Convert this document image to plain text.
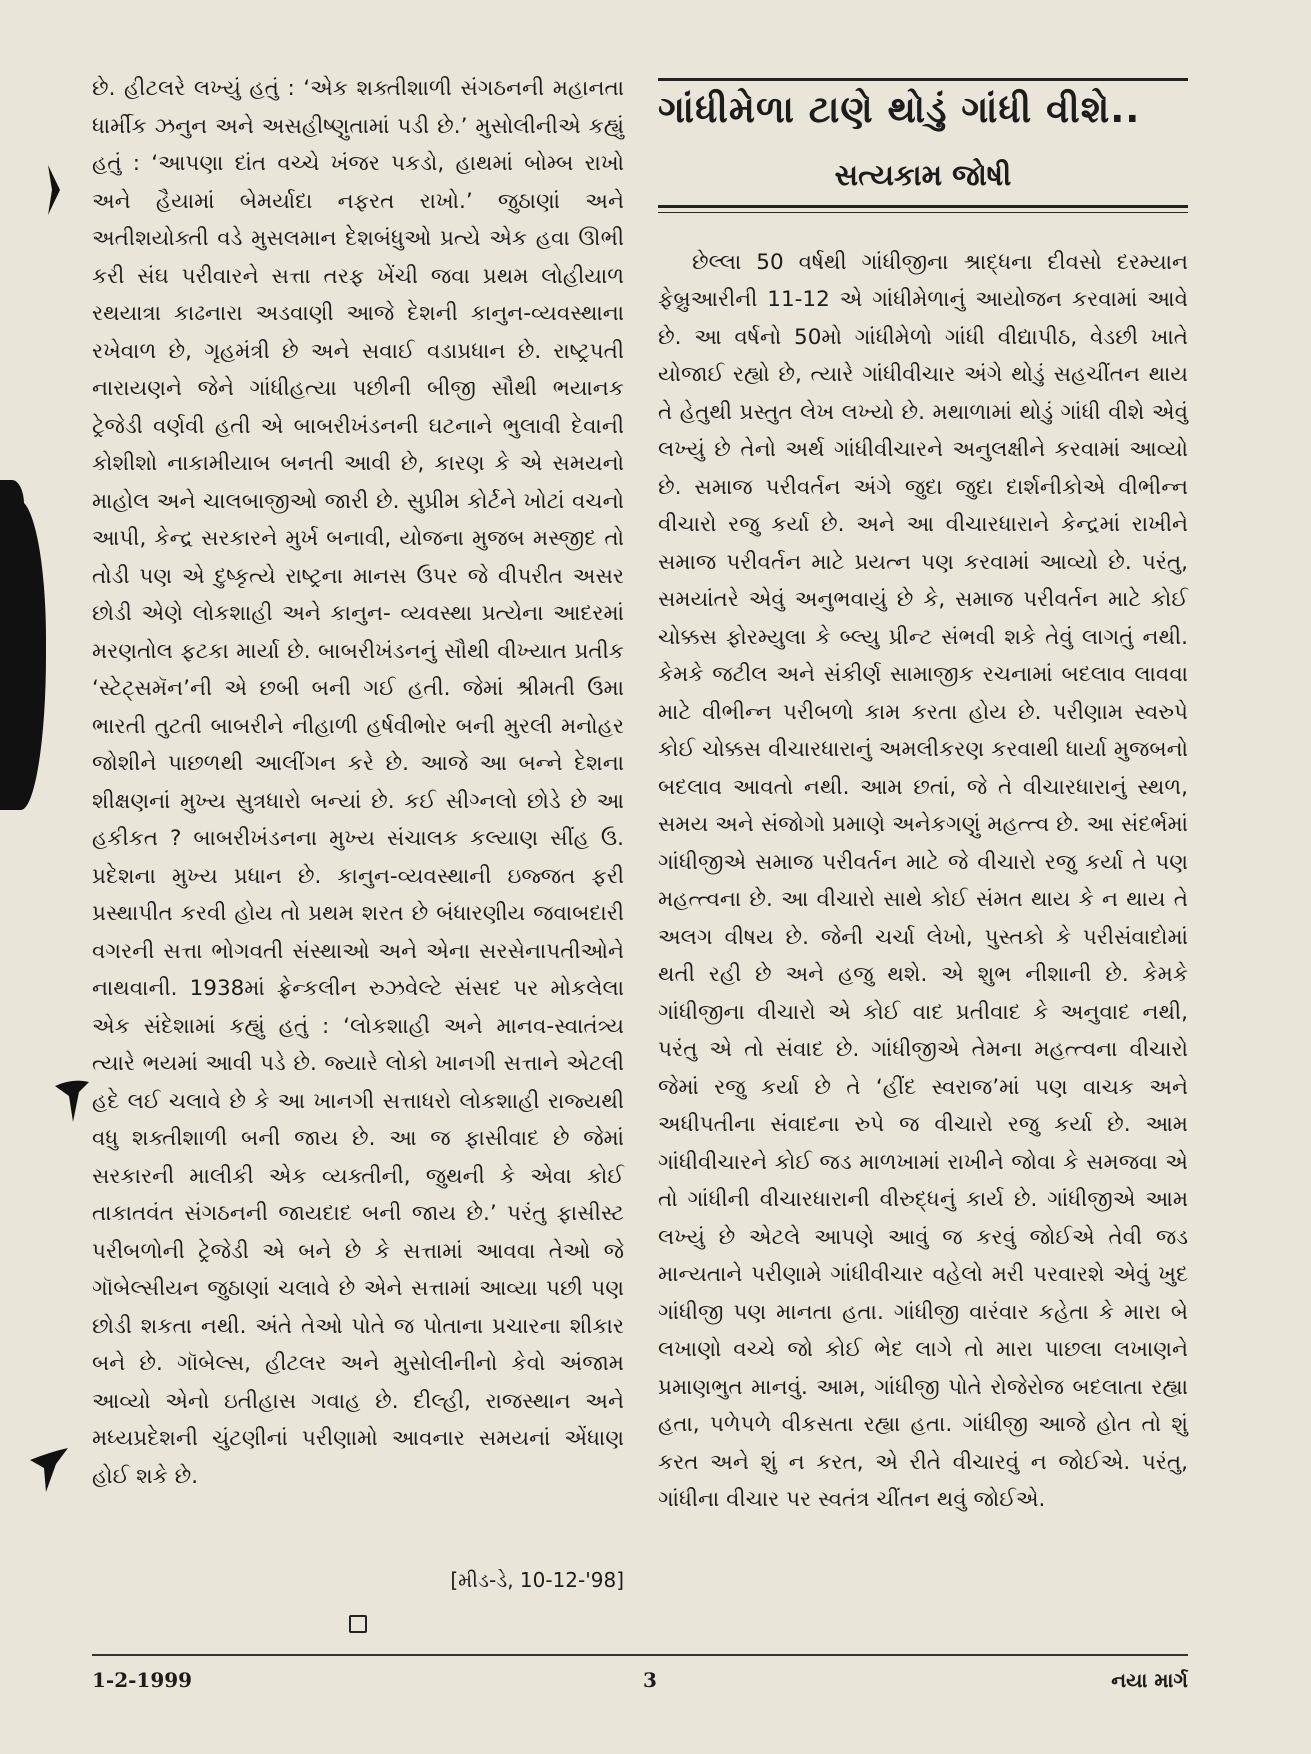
છે. હીટલરે લખ્યું હતું : ‘એક શક્તીશાળી સંગઠનની મહાનતા ધાર્મીક ઝનુન અને અસહીષ્ણુતામાં પડી છે.’ મુસોલીનીએ કહ્યું હતું : ‘આપણા દાંત વચ્ચે ખંજર પકડો, હાથમાં બોમ્બ રાખો અને હૈયામાં બેમર્યાદા નફરત રાખો.’ જુઠાણાં અને અતીશયોક્તી વડે મુસલમાન દેશબંધુઓ પ્રત્યે એક હવા ઊભી કરી સંઘ પરીવારને સત્તા તરફ ખેંચી જવા પ્રથમ લોહીયાળ રથયાત્રા કાઢનારા અડવાણી આજે દેશની કાનુન-વ્યવસ્થાના રખેવાળ છે, ગૃહમંત્રી છે અને સવાઈ વડાપ્રધાન છે. રાષ્ટ્રપતી નારાયણને જેને ગાંધીહત્યા પછીની બીજી સૌથી ભયાનક ટ્રેજેડી વર્ણવી હતી એ બાબરીખંડનની ઘટનાને ભુલાવી દેવાની કોશીશો નાકામીયાબ બનતી આવી છે, કારણ કે એ સમયનો માહોલ અને ચાલબાજીઓ જારી છે. સુપ્રીમ કોર્ટને ખોટાં વચનો આપી, કેન્દ્ર સરકારને મુર્ખ બનાવી, યોજના મુજબ મસ્જીદ તો તોડી પણ એ દુષ્કૃત્યે રાષ્ટ્રના માનસ ઉપર જે વીપરીત અસર છોડી એણે લોકશાહી અને કાનુન- વ્યવસ્થા પ્રત્યેના આદરમાં મરણતોલ ફટકા માર્યા છે. બાબરીખંડનનું સૌથી વીખ્યાત પ્રતીક ‘સ્ટેટ્સમૅન’ની એ છબી બની ગઈ હતી. જેમાં શ્રીમતી ઉમા ભારતી તુટતી બાબરીને નીહાળી હર્ષવીભોર બની મુરલી મનોહર જોશીને પાછળથી આલીંગન કરે છે. આજે આ બન્ને દેશના શીક્ષણનાં મુખ્ય સુત્રધારો બન્યાં છે. કઈ સીગ્નલો છોડે છે આ હકીકત ? બાબરીખંડનના મુખ્ય સંચાલક કલ્યાણ સીંહ ઉ. પ્રદેશના મુખ્ય પ્રધાન છે. કાનુન-વ્યવસ્થાની ઇજ્જત ફરી પ્રસ્થાપીત કરવી હોય તો પ્રથમ શરત છે બંધારણીય જવાબદારી વગરની સત્તા ભોગવતી સંસ્થાઓ અને એના સરસેનાપતીઓને નાથવાની. 1938માં ફ્રેન્કલીન રુઝવેલ્ટે સંસદ પર મોકલેલા એક સંદેશામાં કહ્યું હતું : ‘લોકશાહી અને માનવ-સ્વાતંત્ર્ય ત્યારે ભયમાં આવી પડે છે. જ્યારે લોકો ખાનગી સત્તાને એટલી હદે લઈ ચલાવે છે કે આ ખાનગી સત્તાધરો લોકશાહી રાજ્યથી વધુ શક્તીશાળી બની જાય છે. આ જ ફાસીવાદ છે જેમાં સરકારની માલીકી એક વ્યક્તીની, જુથની કે એવા કોઈ તાકાતવંત સંગઠનની જાયદાદ બની જાય છે.’ પરંતુ ફાસીસ્ટ પરીબળોની ટ્રેજેડી એ બને છે કે સત્તામાં આવવા તેઓ જે ગૉબેલ્સીયન જુઠાણાં ચલાવે છે એને સત્તામાં આવ્યા પછી પણ છોડી શકતા નથી. અંતે તેઓ પોતે જ પોતાના પ્રચારના શીકાર બને છે. ગૉબેલ્સ, હીટલર અને મુસોલીનીનો કેવો અંજામ આવ્યો એનો ઇતીહાસ ગવાહ છે. દીલ્હી, રાજસ્થાન અને મધ્યપ્રદેશની ચુંટણીનાં પરીણામો આવનાર સમયનાં એંધાણ હોઈ શકે છે.

[મીડ-ડે, 10-12-'98]
ગાંધીમેળા ટાણે થોડું ગાંધી વીશે..
સત્યકામ જોષી

છેલ્લા 50 વર્ષથી ગાંધીજીના શ્રાદ્ધના દીવસો દરમ્યાન ફેબ્રુઆરીની 11-12 એ ગાંધીમેળાનું આયોજન કરવામાં આવે છે. આ વર્ષનો 50મો ગાંધીમેળો ગાંધી વીદ્યાપીઠ, વેડછી ખાતે યોજાઈ રહ્યો છે, ત્યારે ગાંધીવીચાર અંગે થોડું સહચીંતન થાય તે હેતુથી પ્રસ્તુત લેખ લખ્યો છે. મથાળામાં થોડું ગાંધી વીશે એવું લખ્યું છે તેનો અર્થ ગાંધીવીચારને અનુલક્ષીને કરવામાં આવ્યો છે. સમાજ પરીવર્તન અંગે જુદા જુદા દાર્શનીકોએ વીભીન્ન વીચારો રજુ કર્યા છે. અને આ વીચારધારાને કેન્દ્રમાં રાખીને સમાજ પરીવર્તન માટે પ્રયત્ન પણ કરવામાં આવ્યો છે. પરંતુ, સમયાંતરે એવું અનુભવાયું છે કે, સમાજ પરીવર્તન માટે કોઈ ચોક્કસ ફોરમ્યુલા કે બ્લ્યુ પ્રીન્ટ સંભવી શકે તેવું લાગતું નથી. કેમકે જટીલ અને સંકીર્ણ સામાજીક રચનામાં બદલાવ લાવવા માટે વીભીન્ન પરીબળો કામ કરતા હોય છે. પરીણામ સ્વરુપે કોઈ ચોક્કસ વીચારધારાનું અમલીકરણ કરવાથી ધાર્યા મુજબનો બદલાવ આવતો નથી. આમ છતાં, જે તે વીચારધારાનું સ્થળ, સમય અને સંજોગો પ્રમાણે અનેકગણું મહત્ત્વ છે. આ સંદર્ભમાં ગાંધીજીએ સમાજ પરીવર્તન માટે જે વીચારો રજુ કર્યા તે પણ મહત્ત્વના છે. આ વીચારો સાથે કોઈ સંમત થાય કે ન થાય તે અલગ વીષય છે. જેની ચર્ચા લેખો, પુસ્તકો કે પરીસંવાદોમાં થતી રહી છે અને હજુ થશે. એ શુભ નીશાની છે. કેમકે ગાંધીજીના વીચારો એ કોઈ વાદ પ્રતીવાદ કે અનુવાદ નથી, પરંતુ એ તો સંવાદ છે. ગાંધીજીએ તેમના મહત્ત્વના વીચારો જેમાં રજુ કર્યા છે તે ‘હીંદ સ્વરાજ’માં પણ વાચક અને અધીપતીના સંવાદના રુપે જ વીચારો રજુ કર્યા છે. આમ ગાંધીવીચારને કોઈ જડ માળખામાં રાખીને જોવા કે સમજવા એ તો ગાંધીની વીચારધારાની વીરુદ્ધનું કાર્ય છે. ગાંધીજીએ આમ લખ્યું છે એટલે આપણે આવું જ કરવું જોઈએ તેવી જડ માન્યતાને પરીણામે ગાંધીવીચાર વહેલો મરી પરવારશે એવું ખુદ ગાંધીજી પણ માનતા હતા. ગાંધીજી વારંવાર કહેતા કે મારા બે લખાણો વચ્ચે જો કોઈ ભેદ લાગે તો મારા પાછલા લખાણને પ્રમાણભુત માનવું. આમ, ગાંધીજી પોતે રોજેરોજ બદલાતા રહ્યા હતા, પળેપળે વીકસતા રહ્યા હતા. ગાંધીજી આજે હોત તો શું કરત અને શું ન કરત, એ રીતે વીચારવું ન જોઈએ. પરંતુ, ગાંધીના વીચાર પર સ્વતંત્ર ચીંતન થવું જોઈએ.

1-2-1999	3	નયા માર્ગ
